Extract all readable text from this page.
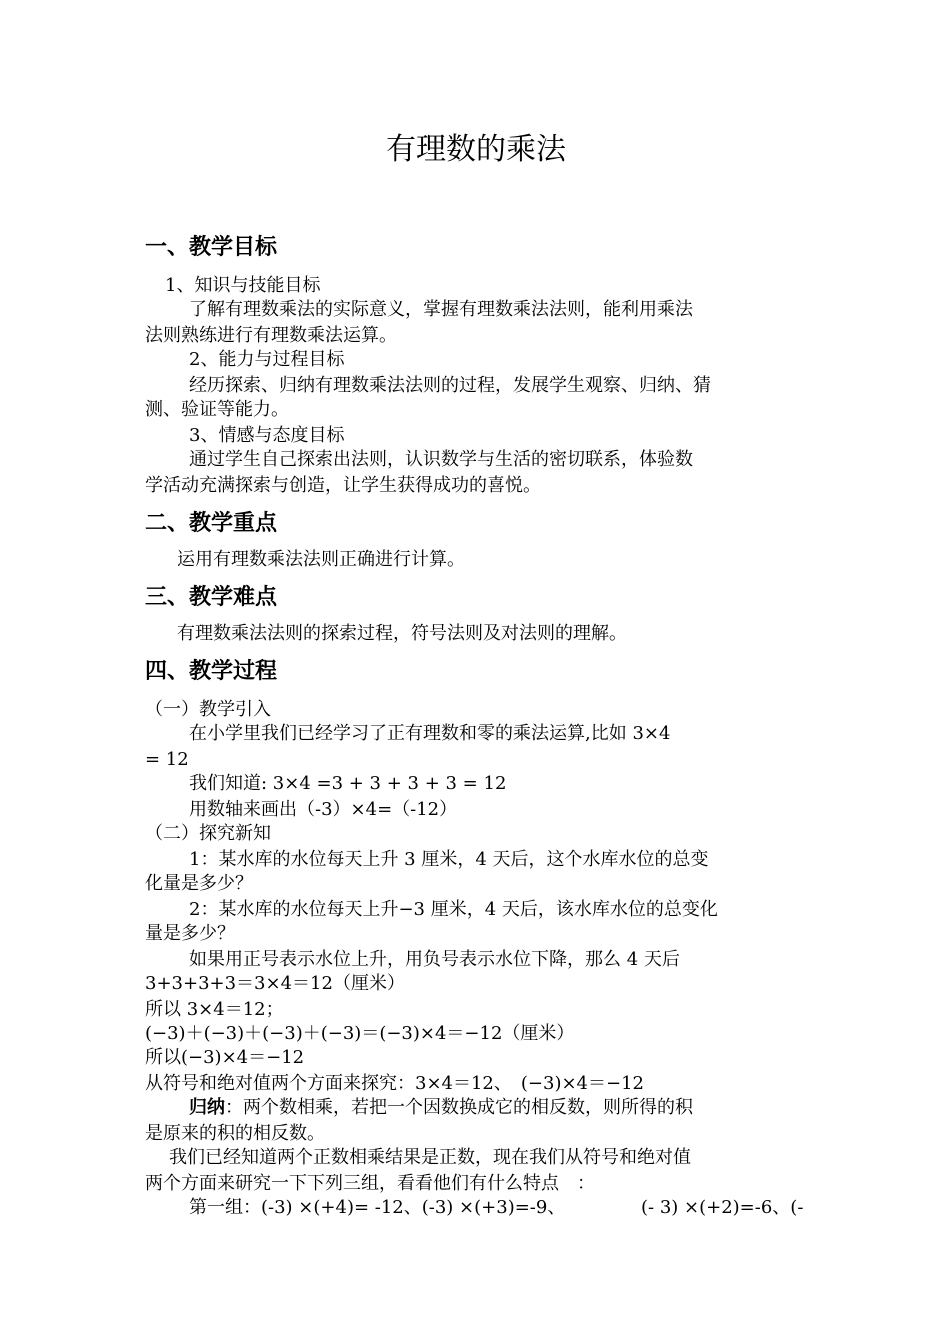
有理数的乘法
一、教学目标
1、知识与技能目标
了解有理数乘法的实际意义，掌握有理数乘法法则，能利用乘法
法则熟练进行有理数乘法运算。
2、能力与过程目标
经历探索、归纳有理数乘法法则的过程，发展学生观察、归纳、猜
测、验证等能力。
3、情感与态度目标
通过学生自己探索出法则，认识数学与生活的密切联系，体验数
学活动充满探索与创造，让学生获得成功的喜悦。
二、教学重点
运用有理数乘法法则正确进行计算。
三、教学难点
有理数乘法法则的探索过程，符号法则及对法则的理解。
四、教学过程
（一）教学引入
在小学里我们已经学习了正有理数和零的乘法运算,比如 3×4
= 12
我们知道: 3×4 =3 + 3 + 3 + 3 = 12
用数轴来画出（-3）×4=（-12）
（二）探究新知
1：某水库的水位每天上升 3 厘米，4 天后，这个水库水位的总变
化量是多少？
2：某水库的水位每天上升−3 厘米，4 天后，该水库水位的总变化
量是多少？
如果用正号表示水位上升，用负号表示水位下降，那么 4 天后
3+3+3+3＝3×4＝12（厘米）
所以 3×4＝12；
(−3)＋(−3)＋(−3)＋(−3)＝(−3)×4＝−12（厘米）
所以(−3)×4＝−12
从符号和绝对值两个方面来探究：3×4＝12、　(−3)×4＝−12
归纳：两个数相乘，若把一个因数换成它的相反数，则所得的积
是原来的积的相反数。
我们已经知道两个正数相乘结果是正数，现在我们从符号和绝对值
两个方面来研究一下下列三组，看看他们有什么特点　：
第一组：(-3) ×(+4)= -12、(-3) ×(+3)=-9、	(- 3) ×(+2)=-6、(-
